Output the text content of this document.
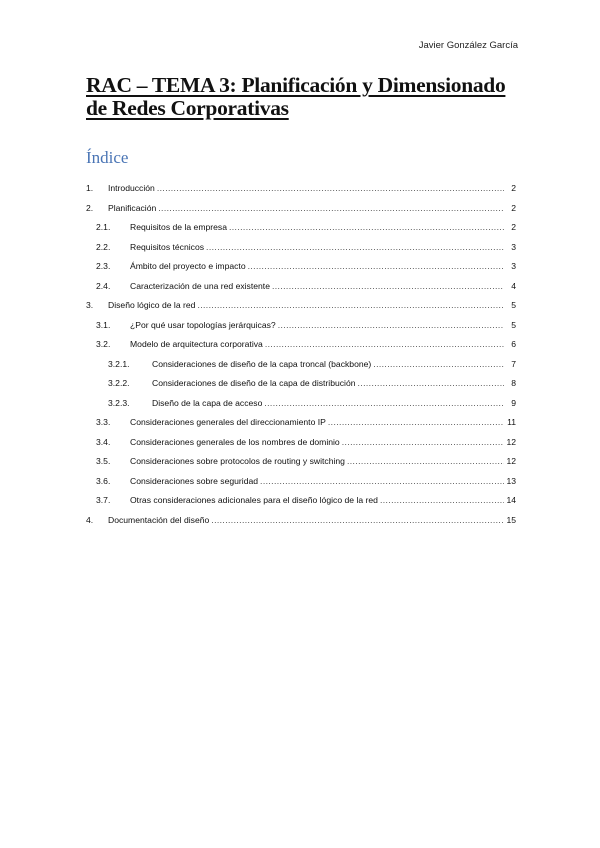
Javier González García
RAC – TEMA 3: Planificación y Dimensionado de Redes Corporativas
Índice
1.	Introducción .....	2
2.	Planificación .....	2
2.1.	Requisitos de la empresa .....	2
2.2.	Requisitos técnicos .....	3
2.3.	Ámbito del proyecto e impacto .....	3
2.4.	Caracterización de una red existente .....	4
3.	Diseño lógico de la red .....	5
3.1.	¿Por qué usar topologías jerárquicas? .....	5
3.2.	Modelo de arquitectura corporativa .....	6
3.2.1.	Consideraciones de diseño de la capa troncal (backbone) .....	7
3.2.2.	Consideraciones de diseño de la capa de distribución .....	8
3.2.3.	Diseño de la capa de acceso .....	9
3.3.	Consideraciones generales del direccionamiento IP .....	11
3.4.	Consideraciones generales de los nombres de dominio .....	12
3.5.	Consideraciones sobre protocolos de routing y switching .....	12
3.6.	Consideraciones sobre seguridad .....	13
3.7.	Otras consideraciones adicionales para el diseño lógico de la red .....	14
4.	Documentación del diseño .....	15
